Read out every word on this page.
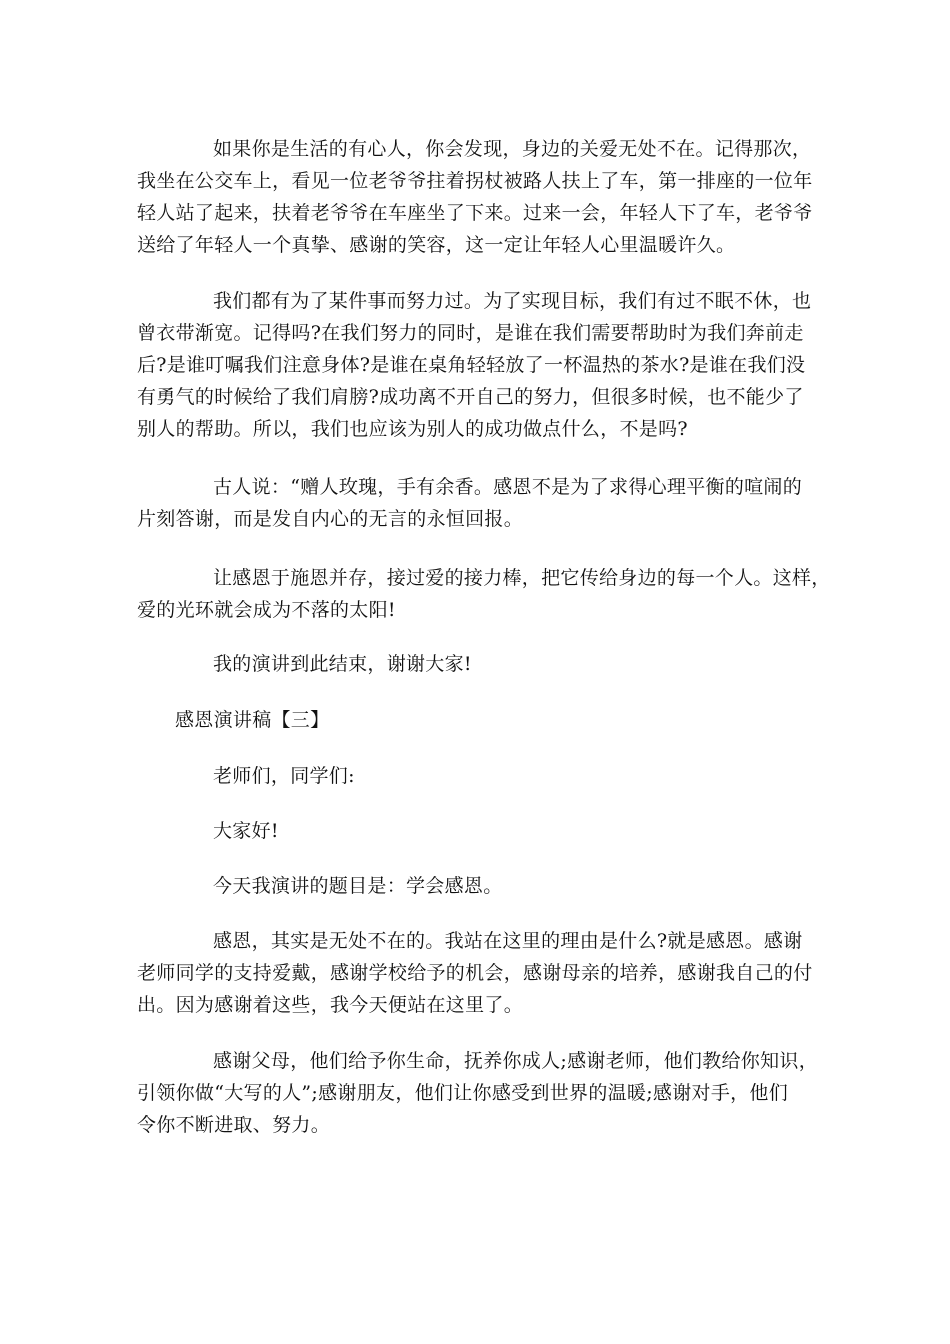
如果你是生活的有心人，你会发现，身边的关爱无处不在。记得那次，
我坐在公交车上，看见一位老爷爷拄着拐杖被路人扶上了车，第一排座的一位年
轻人站了起来，扶着老爷爷在车座坐了下来。过来一会，年轻人下了车，老爷爷
送给了年轻人一个真挚、感谢的笑容，这一定让年轻人心里温暖许久。

我们都有为了某件事而努力过。为了实现目标，我们有过不眠不休，也
曾衣带渐宽。记得吗?在我们努力的同时，是谁在我们需要帮助时为我们奔前走
后?是谁叮嘱我们注意身体?是谁在桌角轻轻放了一杯温热的茶水?是谁在我们没
有勇气的时候给了我们肩膀?成功离不开自己的努力，但很多时候，也不能少了
别人的帮助。所以，我们也应该为别人的成功做点什么，不是吗?

古人说：“赠人玫瑰，手有余香。感恩不是为了求得心理平衡的喧闹的
片刻答谢，而是发自内心的无言的永恒回报。

让感恩于施恩并存，接过爱的接力棒，把它传给身边的每一个人。这样，
爱的光环就会成为不落的太阳!

我的演讲到此结束，谢谢大家!

感恩演讲稿【三】

老师们，同学们:

大家好!

今天我演讲的题目是：学会感恩。

感恩，其实是无处不在的。我站在这里的理由是什么?就是感恩。感谢
老师同学的支持爱戴，感谢学校给予的机会，感谢母亲的培养，感谢我自己的付
出。因为感谢着这些，我今天便站在这里了。

感谢父母，他们给予你生命，抚养你成人;感谢老师，他们教给你知识，
引领你做“大写的人”;感谢朋友，他们让你感受到世界的温暖;感谢对手，他们
令你不断进取、努力。
